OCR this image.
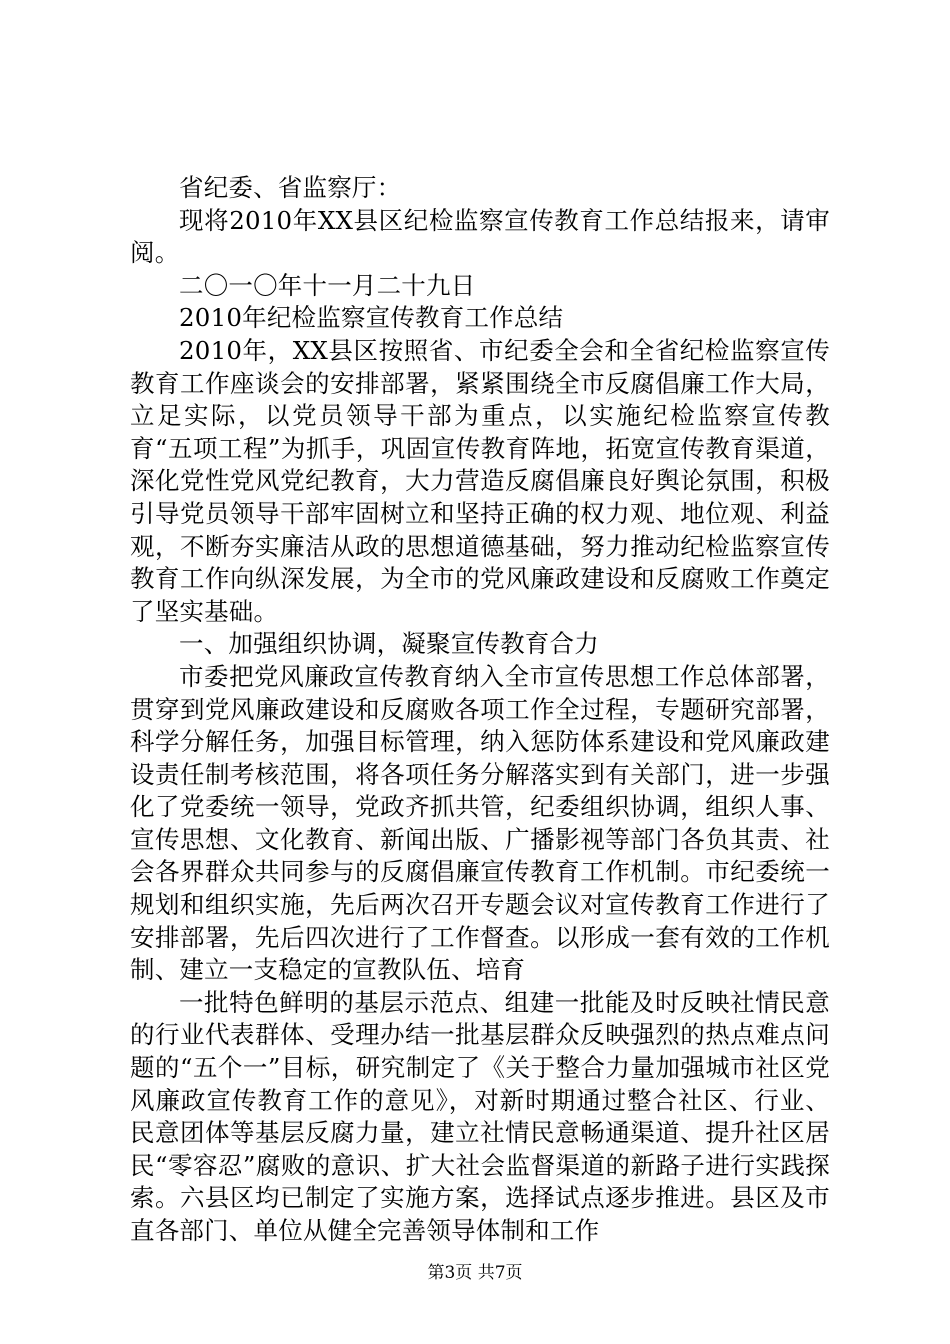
省纪委、省监察厅：

现将2010年XX县区纪检监察宣传教育工作总结报来，请审阅。

二〇一〇年十一月二十九日

2010年纪检监察宣传教育工作总结

2010年，XX县区按照省、市纪委全会和全省纪检监察宣传教育工作座谈会的安排部署，紧紧围绕全市反腐倡廉工作大局，立足实际，以党员领导干部为重点，以实施纪检监察宣传教育“五项工程”为抓手，巩固宣传教育阵地，拓宽宣传教育渠道，深化党性党风党纪教育，大力营造反腐倡廉良好舆论氛围，积极引导党员领导干部牢固树立和坚持正确的权力观、地位观、利益观，不断夯实廉洁从政的思想道德基础，努力推动纪检监察宣传教育工作向纵深发展，为全市的党风廉政建设和反腐败工作奠定了坚实基础。

一、加强组织协调，凝聚宣传教育合力

市委把党风廉政宣传教育纳入全市宣传思想工作总体部署，贯穿到党风廉政建设和反腐败各项工作全过程，专题研究部署，科学分解任务，加强目标管理，纳入惩防体系建设和党风廉政建设责任制考核范围，将各项任务分解落实到有关部门，进一步强化了党委统一领导，党政齐抓共管，纪委组织协调，组织人事、宣传思想、文化教育、新闻出版、广播影视等部门各负其责、社会各界群众共同参与的反腐倡廉宣传教育工作机制。市纪委统一规划和组织实施，先后两次召开专题会议对宣传教育工作进行了安排部署，先后四次进行了工作督查。以形成一套有效的工作机制、建立一支稳定的宣教队伍、培育

一批特色鲜明的基层示范点、组建一批能及时反映社情民意的行业代表群体、受理办结一批基层群众反映强烈的热点难点问题的“五个一”目标，研究制定了《关于整合力量加强城市社区党风廉政宣传教育工作的意见》，对新时期通过整合社区、行业、民意团体等基层反腐力量，建立社情民意畅通渠道、提升社区居民“零容忍”腐败的意识、扩大社会监督渠道的新路子进行实践探索。六县区均已制定了实施方案，选择试点逐步推进。县区及市直各部门、单位从健全完善领导体制和工作

第3页 共7页
